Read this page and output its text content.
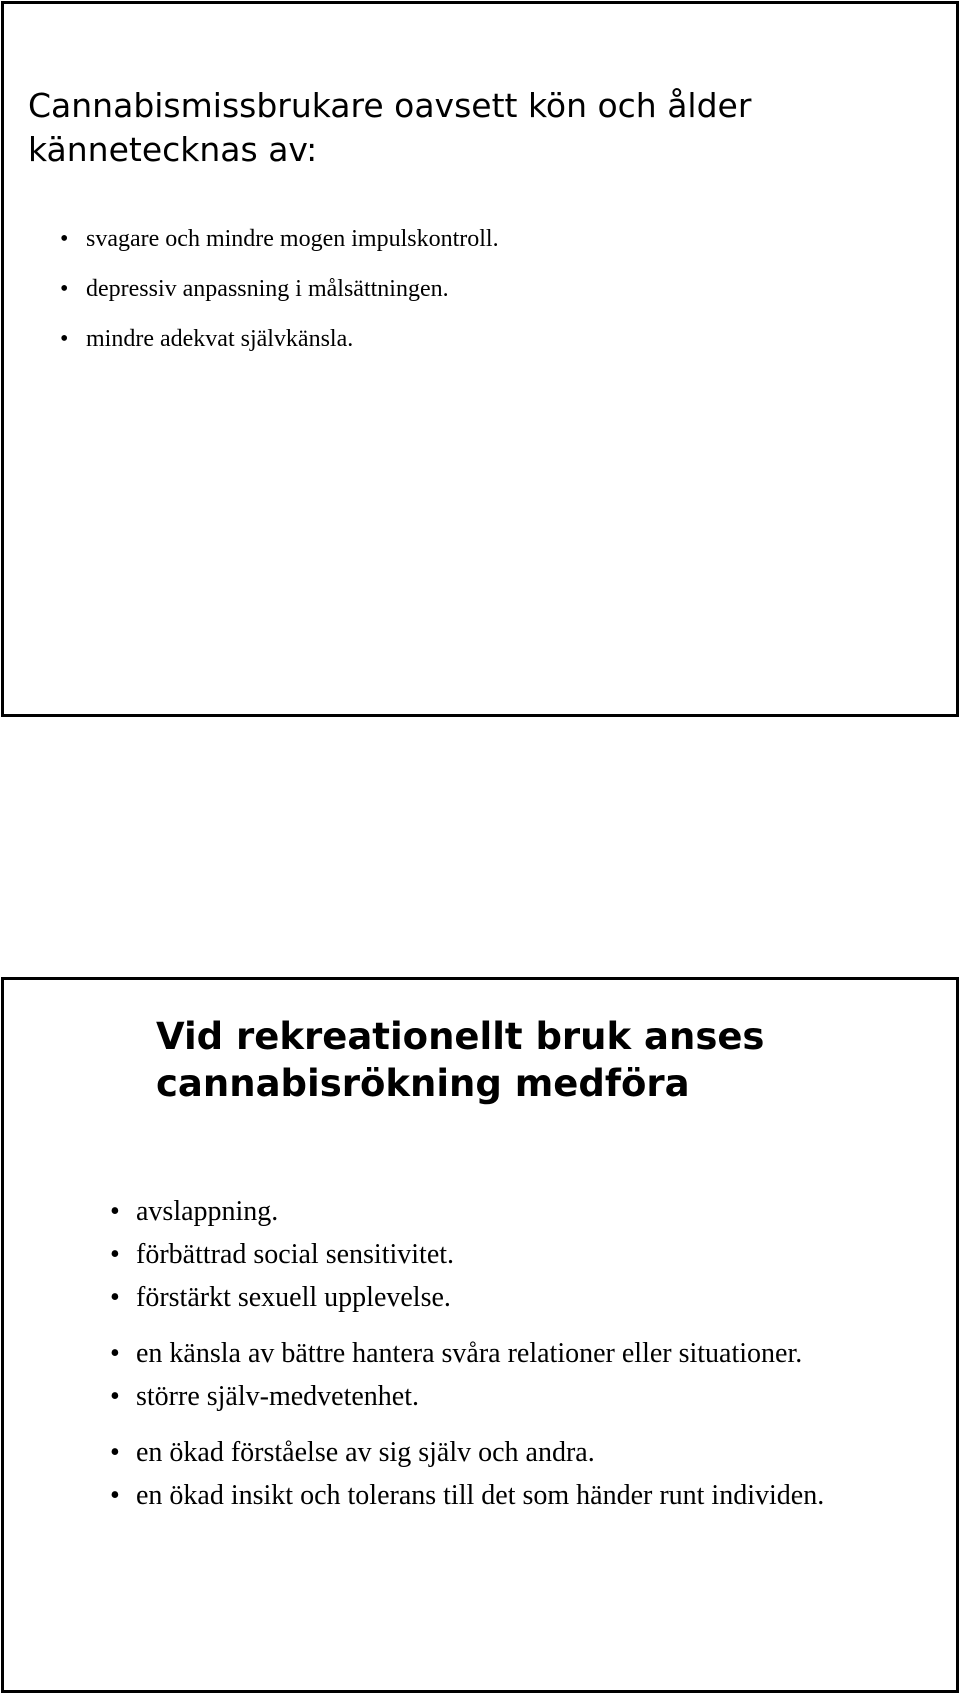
Cannabismissbrukare oavsett kön och ålder kännetecknas av:
• svagare och mindre mogen impulskontroll.
• depressiv anpassning i målsättningen.
• mindre adekvat självkänsla.
Vid rekreationellt bruk anses cannabisrökning medföra
• avslappning.
• förbättrad social sensitivitet.
• förstärkt sexuell upplevelse.
• en känsla av bättre hantera svåra relationer eller situationer.
• större själv-medvetenhet.
• en ökad förståelse av sig själv och andra.
• en ökad insikt och tolerans till det som händer runt individen.
